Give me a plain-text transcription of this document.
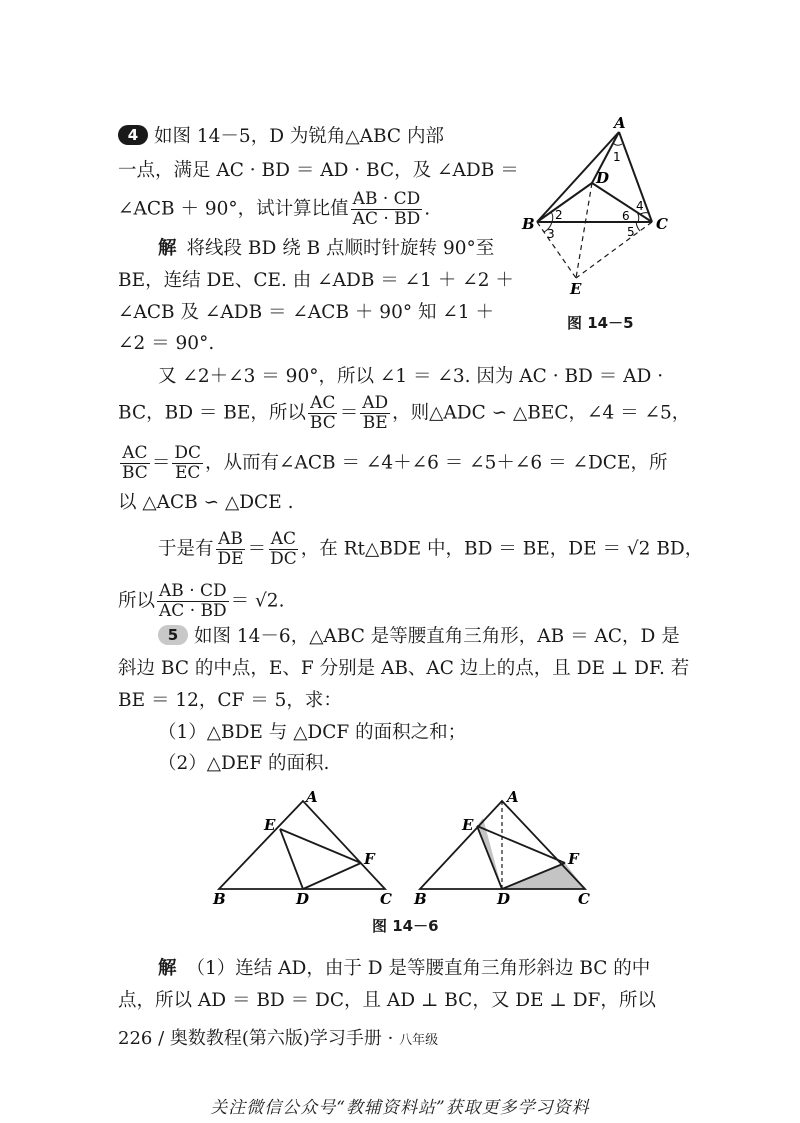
4 如图 14－5，D 为锐角△ABC 内部
一点，满足 AC · BD ＝ AD · BC，及 ∠ADB ＝
∠ACB ＋ 90°，试计算比值 $\frac{AB \cdot CD}{AC \cdot BD}$ .
解 将线段 BD 绕 B 点顺时针旋转 90°至
BE，连结 DE、CE. 由 ∠ADB ＝ ∠1 ＋ ∠2 ＋
∠ACB 及 ∠ADB ＝ ∠ACB ＋ 90° 知 ∠1 ＋
∠2 ＝ 90°.
又 ∠2＋∠3 ＝ 90°，所以 ∠1 ＝ ∠3. 因为 AC · BD ＝ AD ·
BC，BD ＝ BE，所以 $\frac{AC}{BC} = \frac{AD}{BE}$ ，则△ADC ∽ △BEC，∠4 ＝ ∠5，
$\frac{AC}{BC} = \frac{DC}{EC}$ ，从而有∠ACB ＝ ∠4＋∠6 ＝ ∠5＋∠6 ＝ ∠DCE，所
以 △ACB ∽ △DCE .
于是有 $\frac{AB}{DE} = \frac{AC}{DC}$ ，在 Rt△BDE 中，BD ＝ BE，DE ＝ √2 BD，
所以 $\frac{AB \cdot CD}{AC \cdot BD} = √2$.
A
B	C
D
E
1
2
3
4
5
6
图 14－5
5 如图 14－6，△ABC 是等腰直角三角形，AB ＝ AC，D 是
斜边 BC 的中点，E、F 分别是 AB、AC 边上的点，且 DE ⊥ DF. 若
BE ＝ 12，CF ＝ 5，求：
（1）△BDE 与 △DCF 的面积之和；
（2）△DEF 的面积.
A
B	C
D
E
F
A
B	C
D
E
F
图 14－6
解 （1）连结 AD，由于 D 是等腰直角三角形斜边 BC 的中
点，所以 AD ＝ BD ＝ DC，且 AD ⊥ BC，又 DE ⊥ DF，所以
226 / 奥数教程(第六版)学习手册 · 八年级
关注微信公众号“教辅资料站”获取更多学习资料
